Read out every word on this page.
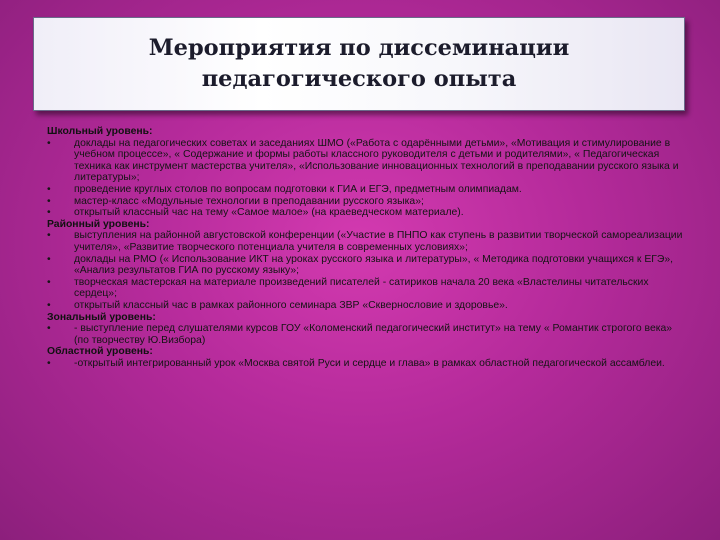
Мероприятия по диссеминации
педагогического опыта
Школьный уровень:
• доклады на педагогических советах и заседаниях ШМО («Работа с одарёнными детьми», «Мотивация и стимулирование в учебном процессе», « Содержание и формы работы классного руководителя с детьми и родителями», « Педагогическая техника как инструмент мастерства учителя», «Использование инновационных технологий в преподавании русского языка и литературы»;
• проведение круглых столов по вопросам подготовки к ГИА и ЕГЭ, предметным олимпиадам.
• мастер-класс «Модульные технологии в преподавании русского языка»;
• открытый классный час на тему «Самое малое» (на краеведческом материале).
Районный уровень:
• выступления на районной августовской конференции («Участие в ПНПО как ступень в развитии творческой самореализации учителя», «Развитие творческого потенциала учителя в современных условиях»;
• доклады на РМО (« Использование ИКТ на уроках русского языка и литературы», « Методика подготовки учащихся к ЕГЭ», «Анализ результатов ГИА по русскому языку»;
• творческая мастерская на материале произведений писателей - сатириков начала 20 века «Властелины читательских сердец»;
• открытый классный час в рамках районного семинара ЗВР «Сквернословие и здоровье».
Зональный уровень:
• - выступление перед слушателями курсов ГОУ «Коломенский педагогический институт» на тему « Романтик строгого века» (по творчеству Ю.Визбора)
Областной уровень:
• -открытый интегрированный урок «Москва святой Руси и сердце и глава» в рамках областной педагогической ассамблеи.
